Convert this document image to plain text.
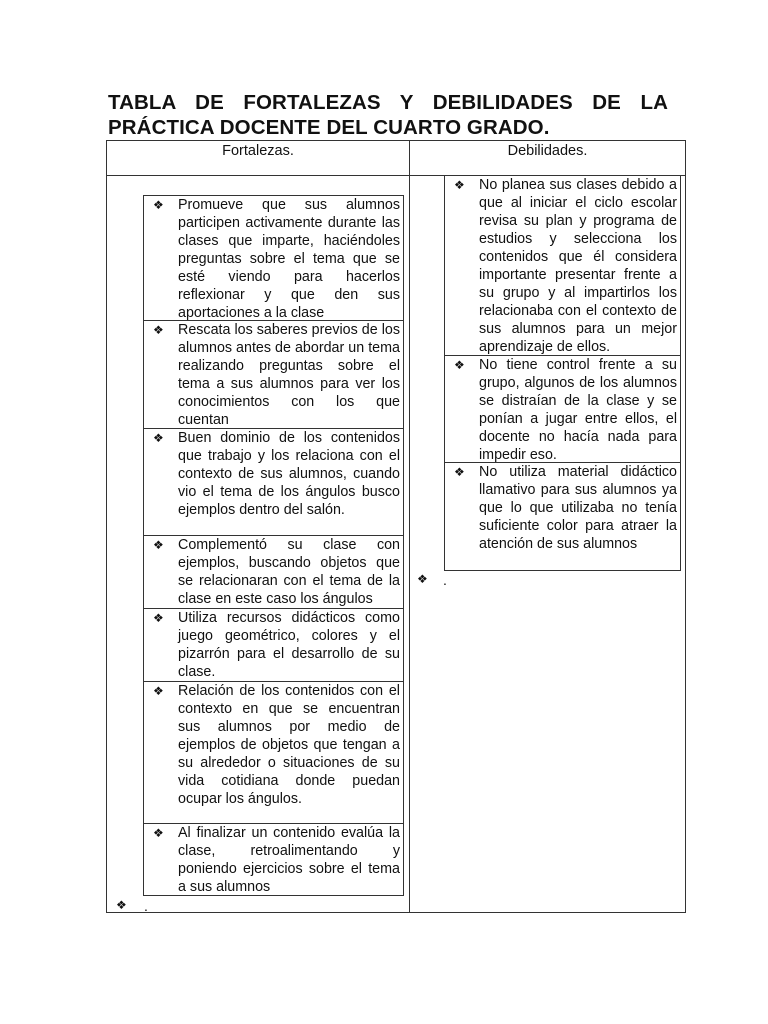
TABLA DE FORTALEZAS Y DEBILIDADES DE LA PRÁCTICA DOCENTE DEL CUARTO GRADO.
Fortalezas.	Debilidades.
❖ Promueve que sus alumnos participen activamente durante las clases que imparte, haciéndoles preguntas sobre el tema que se esté viendo para hacerlos reflexionar y que den sus aportaciones a la clase
❖ Rescata los saberes previos de los alumnos antes de abordar un tema realizando preguntas sobre el tema a sus alumnos para ver los conocimientos con los que cuentan
❖ Buen dominio de los contenidos que trabajo y los relaciona con el contexto de sus alumnos, cuando vio el tema de los ángulos busco ejemplos dentro del salón.
❖ Complementó su clase con ejemplos, buscando objetos que se relacionaran con el tema de la clase en este caso los ángulos
❖ Utiliza recursos didácticos como juego geométrico, colores y el pizarrón para el desarrollo de su clase.
❖ Relación de los contenidos con el contexto en que se encuentran sus alumnos por medio de ejemplos de objetos que tengan a su alrededor o situaciones de su vida cotidiana donde puedan ocupar los ángulos.
❖ Al finalizar un contenido evalúa la clase, retroalimentando y poniendo ejercicios sobre el tema a sus alumnos
❖ .
❖ No planea sus clases debido a que al iniciar el ciclo escolar revisa su plan y programa de estudios y selecciona los contenidos que él considera importante presentar frente a su grupo y al impartirlos los relacionaba con el contexto de sus alumnos para un mejor aprendizaje de ellos.
❖ No tiene control frente a su grupo, algunos de los alumnos se distraían de la clase y se ponían a jugar entre ellos, el docente no hacía nada para impedir eso.
❖ No utiliza material didáctico llamativo para sus alumnos ya que lo que utilizaba no tenía suficiente color para atraer la atención de sus alumnos
❖ .
